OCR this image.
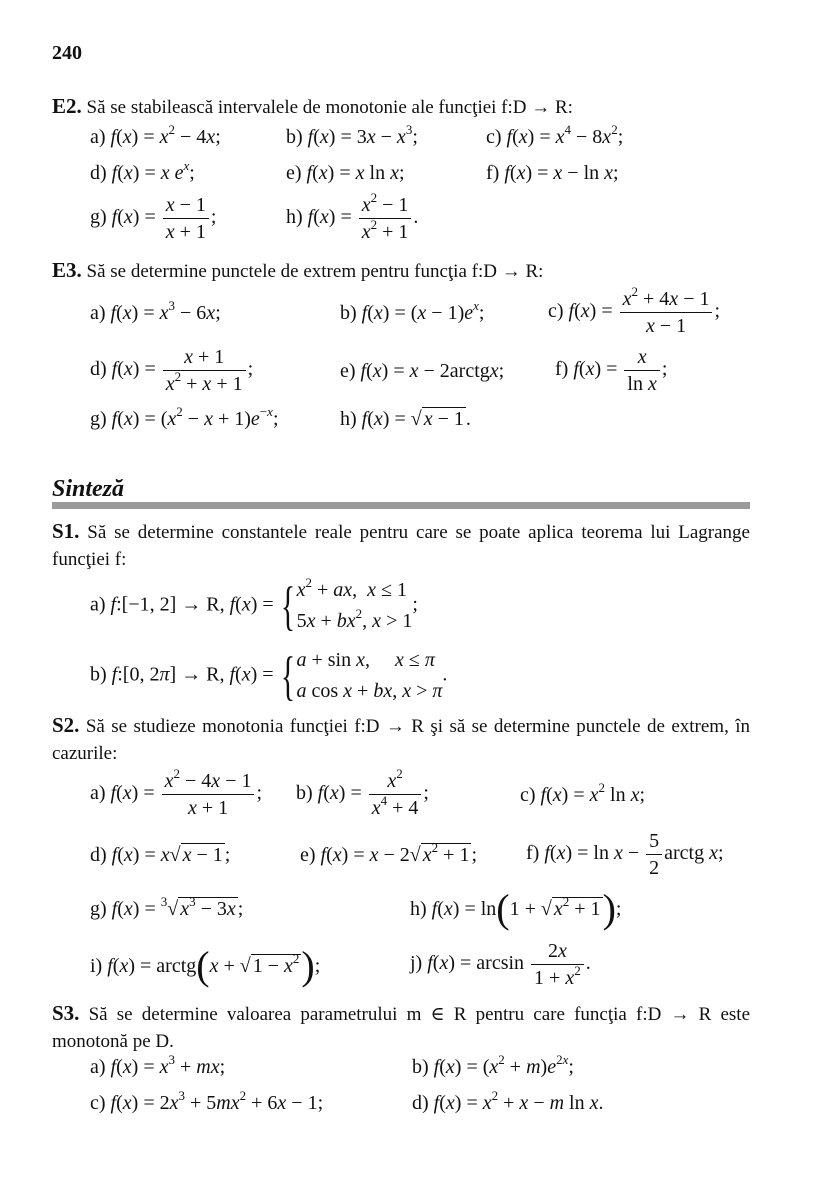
240
E2. Să se stabilească intervalele de monotonie ale funcţiei f:D → R:
a) $f(x) = x^2 - 4x$;	b) $f(x) = 3x - x^3$;	c) $f(x) = x^4 - 8x^2$;
d) f(x) = x $e^x$;	e) f(x) = x ln x;	f) f(x) = x − ln x;
g) $f(x) = \frac{x - 1}{x + 1}$ ;	h) $f(x) = \frac{x^2 - 1}{x^2 + 1}$ .
E3. Să se determine punctele de extrem pentru funcţia f:D → R:
a) $f(x) = x^3 - 6x$;	b) $f(x) = (x - 1)e^x$;	c) $f(x) = \frac{x^2 + 4x - 1}{x - 1}$ ;
d) $f(x) = \frac{x + 1}{x^2 + x + 1}$ ;	e) f(x) = x − 2arctgx;	f) $f(x) = \frac{x}{\text{ln x}}$ ;
g) $f(x) = (x^2 - x + 1)e^{-x}$;	h) f(x) = √ x − 1 .
Sinteză
S1. Să se determine constantele reale pentru care se poate aplica teorema lui Lagrange funcţiei f:
a) f:[−1, 2] → R, f(x) = { $x^2$ + ax,  x ≤ 1
$5x + bx^2$, x > 1
;
b) f:[0, 2π] → R, f(x) = { a + sin x,     x ≤ π
a cos x + bx, x > π
.
S2. Să se studieze monotonia funcţiei f:D → R şi să se determine punctele de extrem, în cazurile:
a) $f(x) = \frac{x^2 - 4x - 1}{x + 1}$ ; b) $f(x) = \frac{x^2}{x^4 + 4}$ ;	c) $f(x) = x^2$ ln x;
d) f(x) = x√ x − 1 ;	e) f(x) = x − 2√ $x^2 + 1$ ; f) $f(x) = \ln x - \frac{5}{2}$ arctg x;
g) f(x) = $^3$√ $x^3 - 3x$ ;	h) f(x) = ln(1 + √ $x^2 + 1$);
i) f(x) = arctg(x + √ $1 - x^2$);	j) $f(x) = \arcsin \frac{2x}{1 + x^2}$ .
S3. Să se determine valoarea parametrului m ∈ R pentru care funcţia f:D → R este monotonă pe D.
a) $f(x) = x^3$ + mx;	b) $f(x) = (x^2 + m)e^{2x}$;
c) $f(x) = 2x^3 + 5mx^2 + 6x - 1$;	d) $f(x) = x^2 + x - m$ ln x.
